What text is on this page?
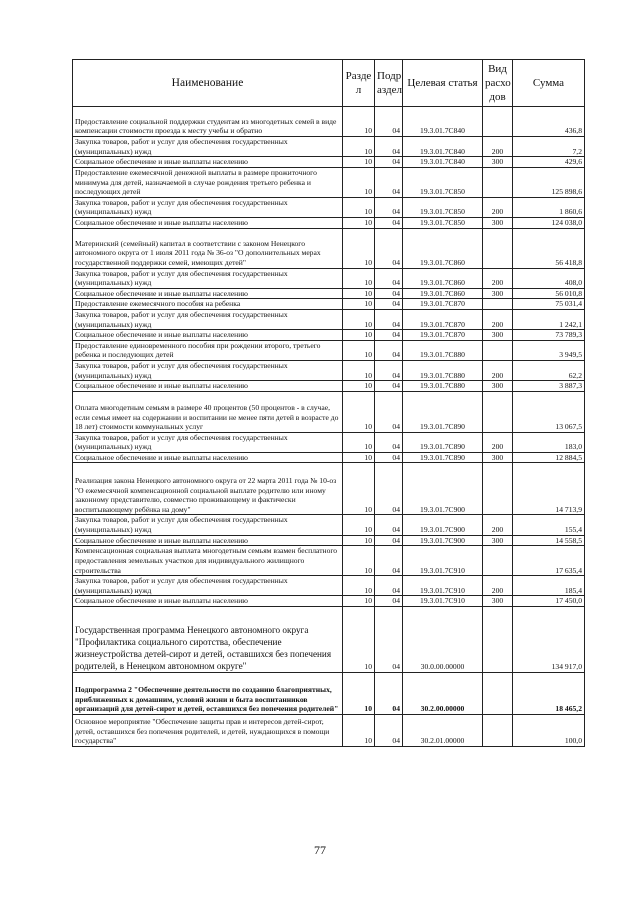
Наименование	Разде л	Подр аздел	Целевая статья	Вид расхо дов	Сумма
Предоставление социальной поддержки студентам из многодетных семей в виде компенсации стоимости проезда к месту учебы и обратно	10	04	19.3.01.7С840		436,8
Закупка товаров, работ и услуг для обеспечения государственных (муниципальных) нужд	10	04	19.3.01.7С840	200	7,2
Социальное обеспечение и иные выплаты населению	10	04	19.3.01.7С840	300	429,6
Предоставление ежемесячной денежной выплаты в размере прожиточного минимума для детей, назначаемой в случае рождения третьего ребенка и последующих детей	10	04	19.3.01.7С850		125 898,6
Закупка товаров, работ и услуг для обеспечения государственных (муниципальных) нужд	10	04	19.3.01.7С850	200	1 860,6
Социальное обеспечение и иные выплаты населению	10	04	19.3.01.7С850	300	124 038,0
Материнский (семейный) капитал в соответствии с законом Ненецкого автономного округа от 1 июля 2011 года № 36-оз "О дополнительных мерах государственной поддержки семей, имеющих детей"	10	04	19.3.01.7С860		56 418,8
Закупка товаров, работ и услуг для обеспечения государственных (муниципальных) нужд	10	04	19.3.01.7С860	200	408,0
Социальное обеспечение и иные выплаты населению	10	04	19.3.01.7С860	300	56 010,8
Предоставление ежемесячного пособия на ребенка	10	04	19.3.01.7С870		75 031,4
Закупка товаров, работ и услуг для обеспечения государственных (муниципальных) нужд	10	04	19.3.01.7С870	200	1 242,1
Социальное обеспечение и иные выплаты населению	10	04	19.3.01.7С870	300	73 789,3
Предоставление единовременного пособия при рождении второго, третьего ребенка и последующих детей	10	04	19.3.01.7С880		3 949,5
Закупка товаров, работ и услуг для обеспечения государственных (муниципальных) нужд	10	04	19.3.01.7С880	200	62,2
Социальное обеспечение и иные выплаты населению	10	04	19.3.01.7С880	300	3 887,3
Оплата многодетным семьям в размере 40 процентов (50 процентов - в случае, если семья имеет на содержании и воспитании не менее пяти детей в возрасте до 18 лет) стоимости коммунальных услуг	10	04	19.3.01.7С890		13 067,5
Закупка товаров, работ и услуг для обеспечения государственных (муниципальных) нужд	10	04	19.3.01.7С890	200	183,0
Социальное обеспечение и иные выплаты населению	10	04	19.3.01.7С890	300	12 884,5
Реализация закона Ненецкого автономного округа от 22 марта 2011 года № 10-оз "О ежемесячной компенсационной социальной выплате родителю или иному законному представителю, совместно проживающему и фактически воспитывающему ребёнка на дому"	10	04	19.3.01.7С900		14 713,9
Закупка товаров, работ и услуг для обеспечения государственных (муниципальных) нужд	10	04	19.3.01.7С900	200	155,4
Социальное обеспечение и иные выплаты населению	10	04	19.3.01.7С900	300	14 558,5
Компенсационная социальная выплата многодетным семьям взамен бесплатного предоставления земельных участков для индивидуального жилищного строительства	10	04	19.3.01.7С910		17 635,4
Закупка товаров, работ и услуг для обеспечения государственных (муниципальных) нужд	10	04	19.3.01.7С910	200	185,4
Социальное обеспечение и иные выплаты населению	10	04	19.3.01.7С910	300	17 450,0
Государственная программа Ненецкого автономного округа "Профилактика социального сиротства, обеспечение жизнеустройства детей-сирот и детей, оставшихся без попечения родителей, в Ненецком автономном округе"	10	04	30.0.00.00000		134 917,0
Подпрограмма 2 "Обеспечение деятельности по созданию благоприятных, приближенных к домашним, условий жизни и быта воспитанников организаций для детей-сирот и детей, оставшихся без попечения родителей"	10	04	30.2.00.00000		18 465,2
Основное мероприятие "Обеспечение защиты прав и интересов детей-сирот, детей, оставшихся без попечения родителей, и детей, нуждающихся в помощи государства"	10	04	30.2.01.00000		100,0
77
